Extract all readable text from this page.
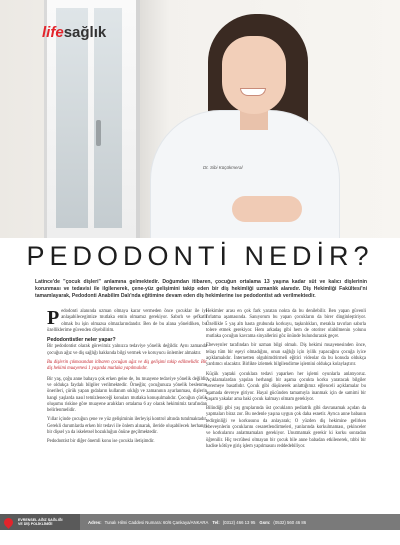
Dt. Sibi Küçükmeral
lifesağlık
PEDODONTİ NEDİR?

Latince'de "çocuk dişleri" anlamına gelmektedir. Doğumdan itibaren, çocuğun ortalama 13 yaşına kadar süt ve kalıcı dişlerinin korunması ve tedavisi ile ilgilenerek, çene-yüz gelişimini takip eden bir diş hekimliği uzmanlık alanıdır. Diş Hekimliği Fakültesi'ni tamamlayarak, Pedodonti Anabilim Dalı'nda eğitimine devam eden diş hekimlerine ise pedodontist adı verilmektedir.

Pedodonti alanında uzman olmaya karar vermeden önce çocuklar ile iyi anlaşabilecegimize mutlaka emin olmamız gerekiyor. Sabırlı ve şefkatli olmak bu işin olmazsa olmazlarındandır. Ben de bu alana yöneldiken, bu özelliklerime güvenden diyebilirim.

Pedodontistler neler yapar?

Bir pedodontist olarak görevimiz yalnızca tedaviye yönelik değildir. Aynı zamanda çocuğun ağız ve diş sağlığı hakkında bilgi vermek ve koruyucu önlemler almaktır.

Bu dişlerin çıkmasından itibaren çocuğun ağız ve diş gelişimi takip edilmelidir. Bir diş hekimi muayenesi 1 yaşında mutlaka yapılmalıdır.

Bir yaş, çoğu anne babaya çok erken gelse de, bu muayene tedaviye yönelik değildir ve oldukça faydalı bilgiler verilmektedir. Örneğin; çocuğunuza yönelik beslenme önerileri, çürük yapan gıdaların kullanım sıklığı ve zamanının ayarlanması, dişlerin hangi yaşlarda nasıl temizleneceği konuları mutlaka konuşulmalıdır. Çocuğun çürük oluşumu riskine göre muayene aralıkları ortalama 6 ay olarak hekimimiz tarafından belirlenmelidir.

Yıllar içinde çocuğun çene ve yüz gelişiminin ilerleyişi kontrol altında tutulmaktadır. Gerekli durumlarda erken bir tedavi ile önlem alınarak, ileride oluşabilecek herhangi bir dişsel ya da iskeletsel bozukluğun önüne geçilmektedir.

Pedodontist bir diğer önemli konu ise çocukla iletişimdir.

Hekimler arası en çok fark yaratan nokta da bu denilebilir. Ben yapan güvenli fırlatma aşamasında. Sanıyorum bu yapan çocukların da birer dinginleştiriyor. Özellikle 5 yaş altı hasta grubunda korkuyu, taşkınlıkları, merakla tavırları sabırla tolere etmek gerekiyor. Hem arkadaş gibi hem de otoriter olabilmenin yolunu mutlaka çocuğun kavrama sinyallerini göz önünde bulundurarak geçer.

Ebeveynler tarafından bir uzman bilgi olmalı. Diş hekimi muayenesinden önce, telaşı tüm bir eşeyi olmadığını, onun sağlığı için iyilik yapacağını çocuğa iyice açıklamalıdır. İnternetten olgubimdrirmeli eğitici videolar da bu konuda oldukça yardımcı olacaktır. Birlikte izlemek bilgilendirme işlemini oldukça kolaylaştırır.

Küçük yaştaki çocuklara tedavi yaparken her işlemi oyunlarla anlatıyoruz. Açıklamalardan yapılan herhangi bir aşama çocukta korku yaratacak bilgiler veremeye basatlıdır. Çocuk gibi düşünerek anlattığımız eğlenceli açıklamalar bu aşamada devreye giriyor. Hayal gücünden tamamıyla inanmak için de samimi bir yaşam yakalar ama baki çocuk kalmayı olmam gerekiyor.

Bilindiği gibi yaş gruplarında üst çocukların pediatrik gibi davranamak açıdan da yapmaları biraz zor. Bu nedenle yaşına uygun çok daha esnetir. Ayrıca anne babanın tedirginliği ve korkusunu da anlayarak; O yüzden diş hekimine gelirken ebeveynlerin çocuklarını cesaretlendirmeleri, yanlarında korkulmaması, çekinceler ve korkularını anlatmamaları gerekiyor. Unutmamak gerekir ki korku sonradan öğrenilir. Hiç tecrübesi olmayan bir çocuk bile anne babadan etkilenerek, tıbbi bir hadise kötüye giriş işlem yapılmasını reddedebiliyor.

EVRENSEL AĞIZ SAĞLIĞI
VE DİŞ POLİKLİNİĞİ	Adres: Tunalı Hilmi Caddesi Numara: 60/6 Çankaya/ANKARA Tel: (0312) 466 13 95 Gsm: (0532) 560 46 86
